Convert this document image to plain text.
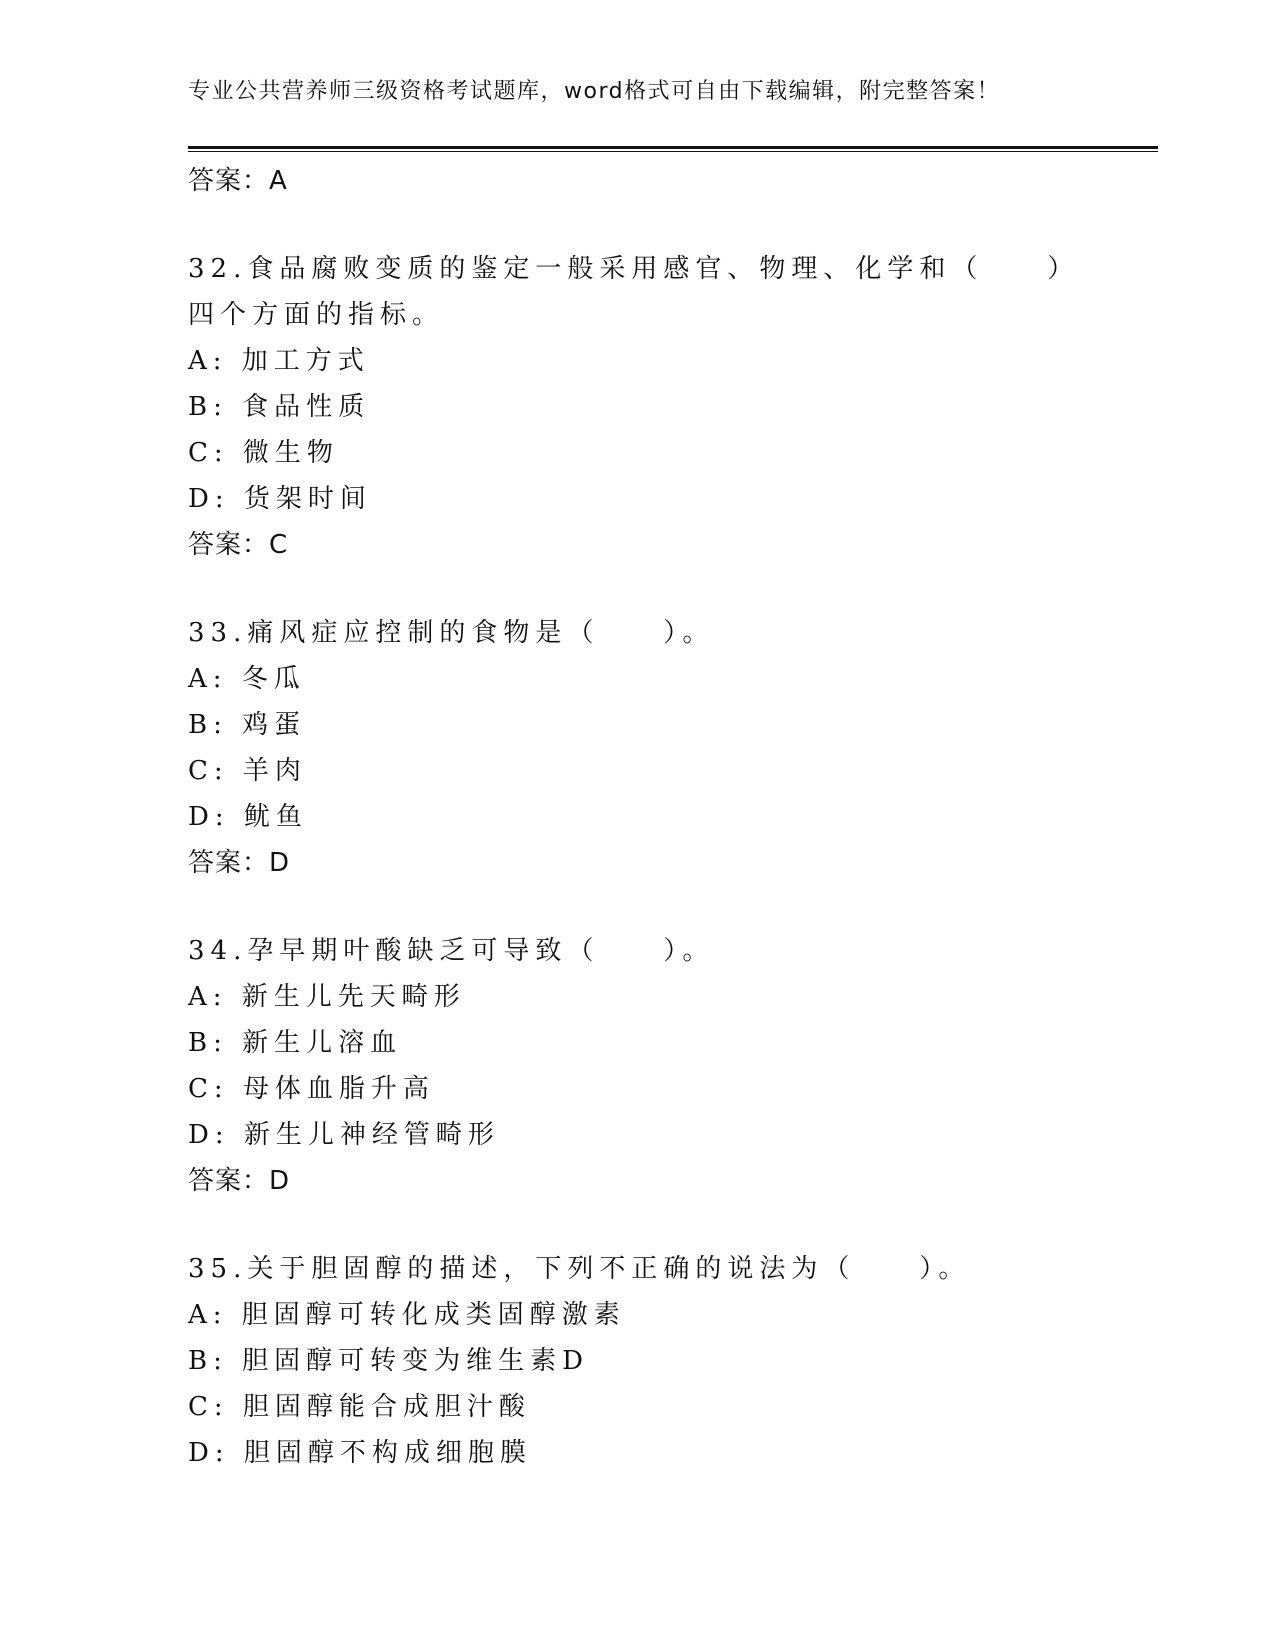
专业公共营养师三级资格考试题库，word格式可自由下载编辑，附完整答案！
答案：A
32.食品腐败变质的鉴定一般采用感官、物理、化学和（　　）四个方面的指标。
A: 加工方式
B: 食品性质
C: 微生物
D: 货架时间
答案：C
33.痛风症应控制的食物是（　　）。
A: 冬瓜
B: 鸡蛋
C: 羊肉
D: 鱿鱼
答案：D
34.孕早期叶酸缺乏可导致（　　）。
A: 新生儿先天畸形
B: 新生儿溶血
C: 母体血脂升高
D: 新生儿神经管畸形
答案：D
35.关于胆固醇的描述，下列不正确的说法为（　　）。
A: 胆固醇可转化成类固醇激素
B: 胆固醇可转变为维生素D
C: 胆固醇能合成胆汁酸
D: 胆固醇不构成细胞膜
